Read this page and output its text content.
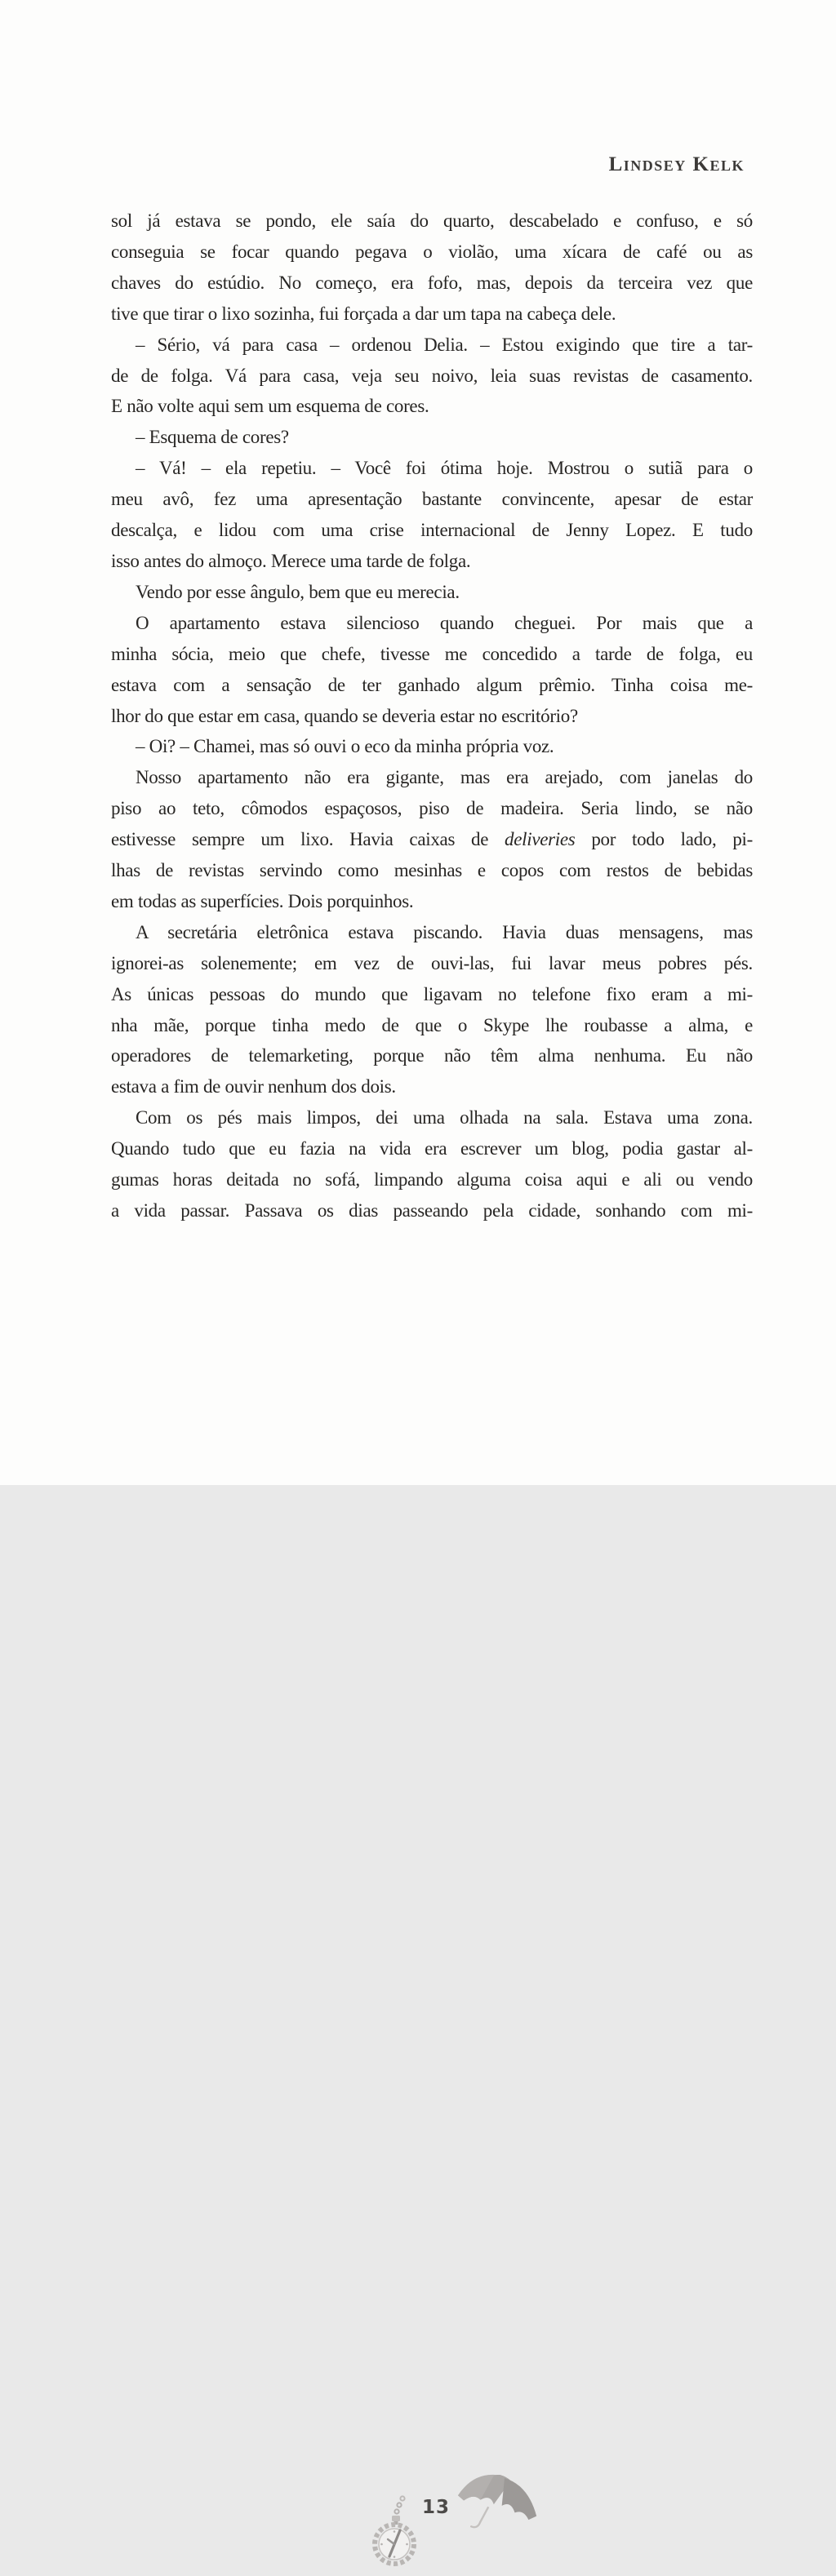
Lindsey Kelk
sol já estava se pondo, ele saía do quarto, descabelado e confuso, e só
conseguia se focar quando pegava o violão, uma xícara de café ou as
chaves do estúdio. No começo, era fofo, mas, depois da terceira vez que
tive que tirar o lixo sozinha, fui forçada a dar um tapa na cabeça dele.
– Sério, vá para casa – ordenou Delia. – Estou exigindo que tire a tar-
de de folga. Vá para casa, veja seu noivo, leia suas revistas de casamento.
E não volte aqui sem um esquema de cores.
– Esquema de cores?
– Vá! – ela repetiu. – Você foi ótima hoje. Mostrou o sutiã para o
meu avô, fez uma apresentação bastante convincente, apesar de estar
descalça, e lidou com uma crise internacional de Jenny Lopez. E tudo
isso antes do almoço. Merece uma tarde de folga.
Vendo por esse ângulo, bem que eu merecia.
O apartamento estava silencioso quando cheguei. Por mais que a
minha sócia, meio que chefe, tivesse me concedido a tarde de folga, eu
estava com a sensação de ter ganhado algum prêmio. Tinha coisa me-
lhor do que estar em casa, quando se deveria estar no escritório?
– Oi? – Chamei, mas só ouvi o eco da minha própria voz.
Nosso apartamento não era gigante, mas era arejado, com janelas do
piso ao teto, cômodos espaçosos, piso de madeira. Seria lindo, se não
estivesse sempre um lixo. Havia caixas de deliveries por todo lado, pi-
lhas de revistas servindo como mesinhas e copos com restos de bebidas
em todas as superfícies. Dois porquinhos.
A secretária eletrônica estava piscando. Havia duas mensagens, mas
ignorei-as solenemente; em vez de ouvi-las, fui lavar meus pobres pés.
As únicas pessoas do mundo que ligavam no telefone fixo eram a mi-
nha mãe, porque tinha medo de que o Skype lhe roubasse a alma, e
operadores de telemarketing, porque não têm alma nenhuma. Eu não
estava a fim de ouvir nenhum dos dois.
Com os pés mais limpos, dei uma olhada na sala. Estava uma zona.
Quando tudo que eu fazia na vida era escrever um blog, podia gastar al-
gumas horas deitada no sofá, limpando alguma coisa aqui e ali ou vendo
a vida passar. Passava os dias passeando pela cidade, sonhando com mi-
13
